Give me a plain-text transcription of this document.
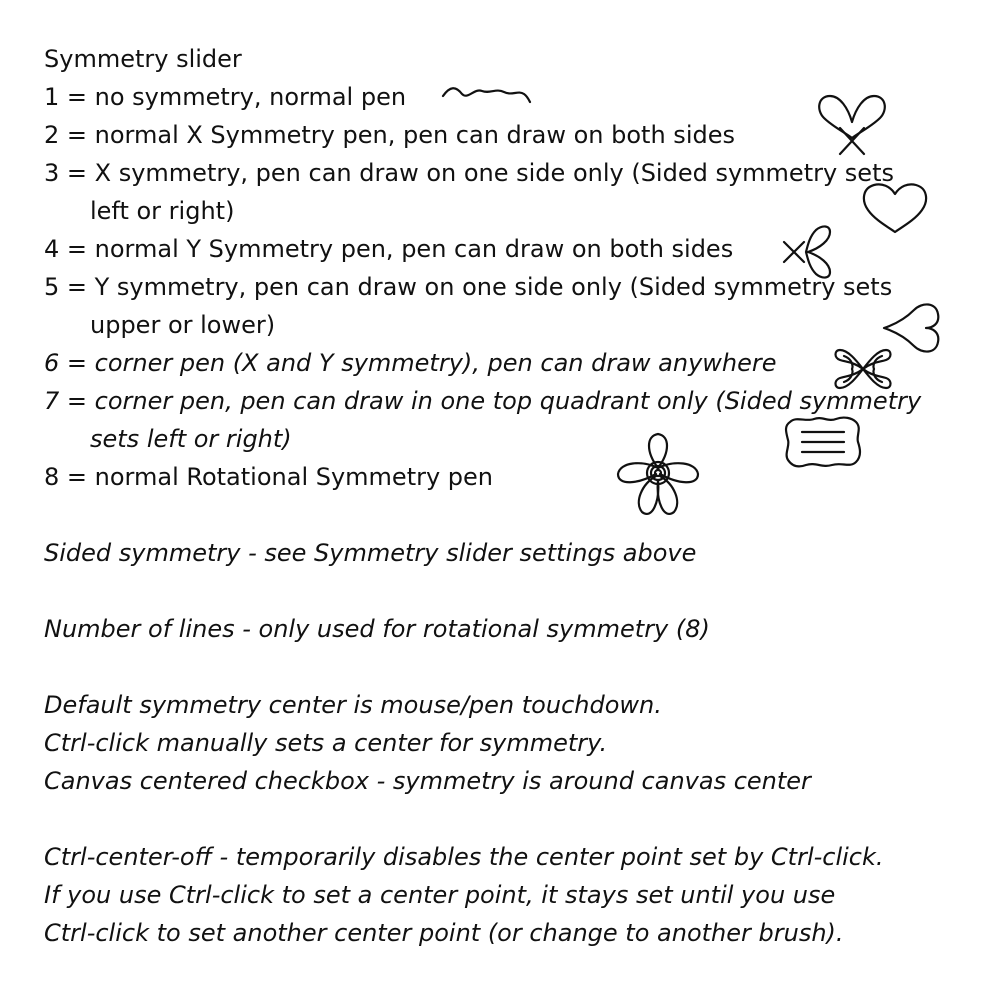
Symmetry slider
1 = no symmetry, normal pen
2 = normal X Symmetry pen, pen can draw on both sides
3 = X symmetry, pen can draw on one side only (Sided symmetry sets
left or right)
4 = normal Y Symmetry pen, pen can draw on both sides
5 = Y symmetry, pen can draw on one side only (Sided symmetry sets
upper or lower)
6 = corner pen (X and Y symmetry), pen can draw anywhere
7 = corner pen, pen can draw in one top quadrant only (Sided symmetry
sets left or right)
8 = normal Rotational Symmetry pen
Sided symmetry - see Symmetry slider settings above
Number of lines - only used for rotational symmetry (8)
Default symmetry center is mouse/pen touchdown.
Ctrl-click manually sets a center for symmetry.
Canvas centered checkbox - symmetry is around canvas center
Ctrl-center-off - temporarily disables the center point set by Ctrl-click.
If you use Ctrl-click to set a center point, it stays set until you use
Ctrl-click to set another center point (or change to another brush).
